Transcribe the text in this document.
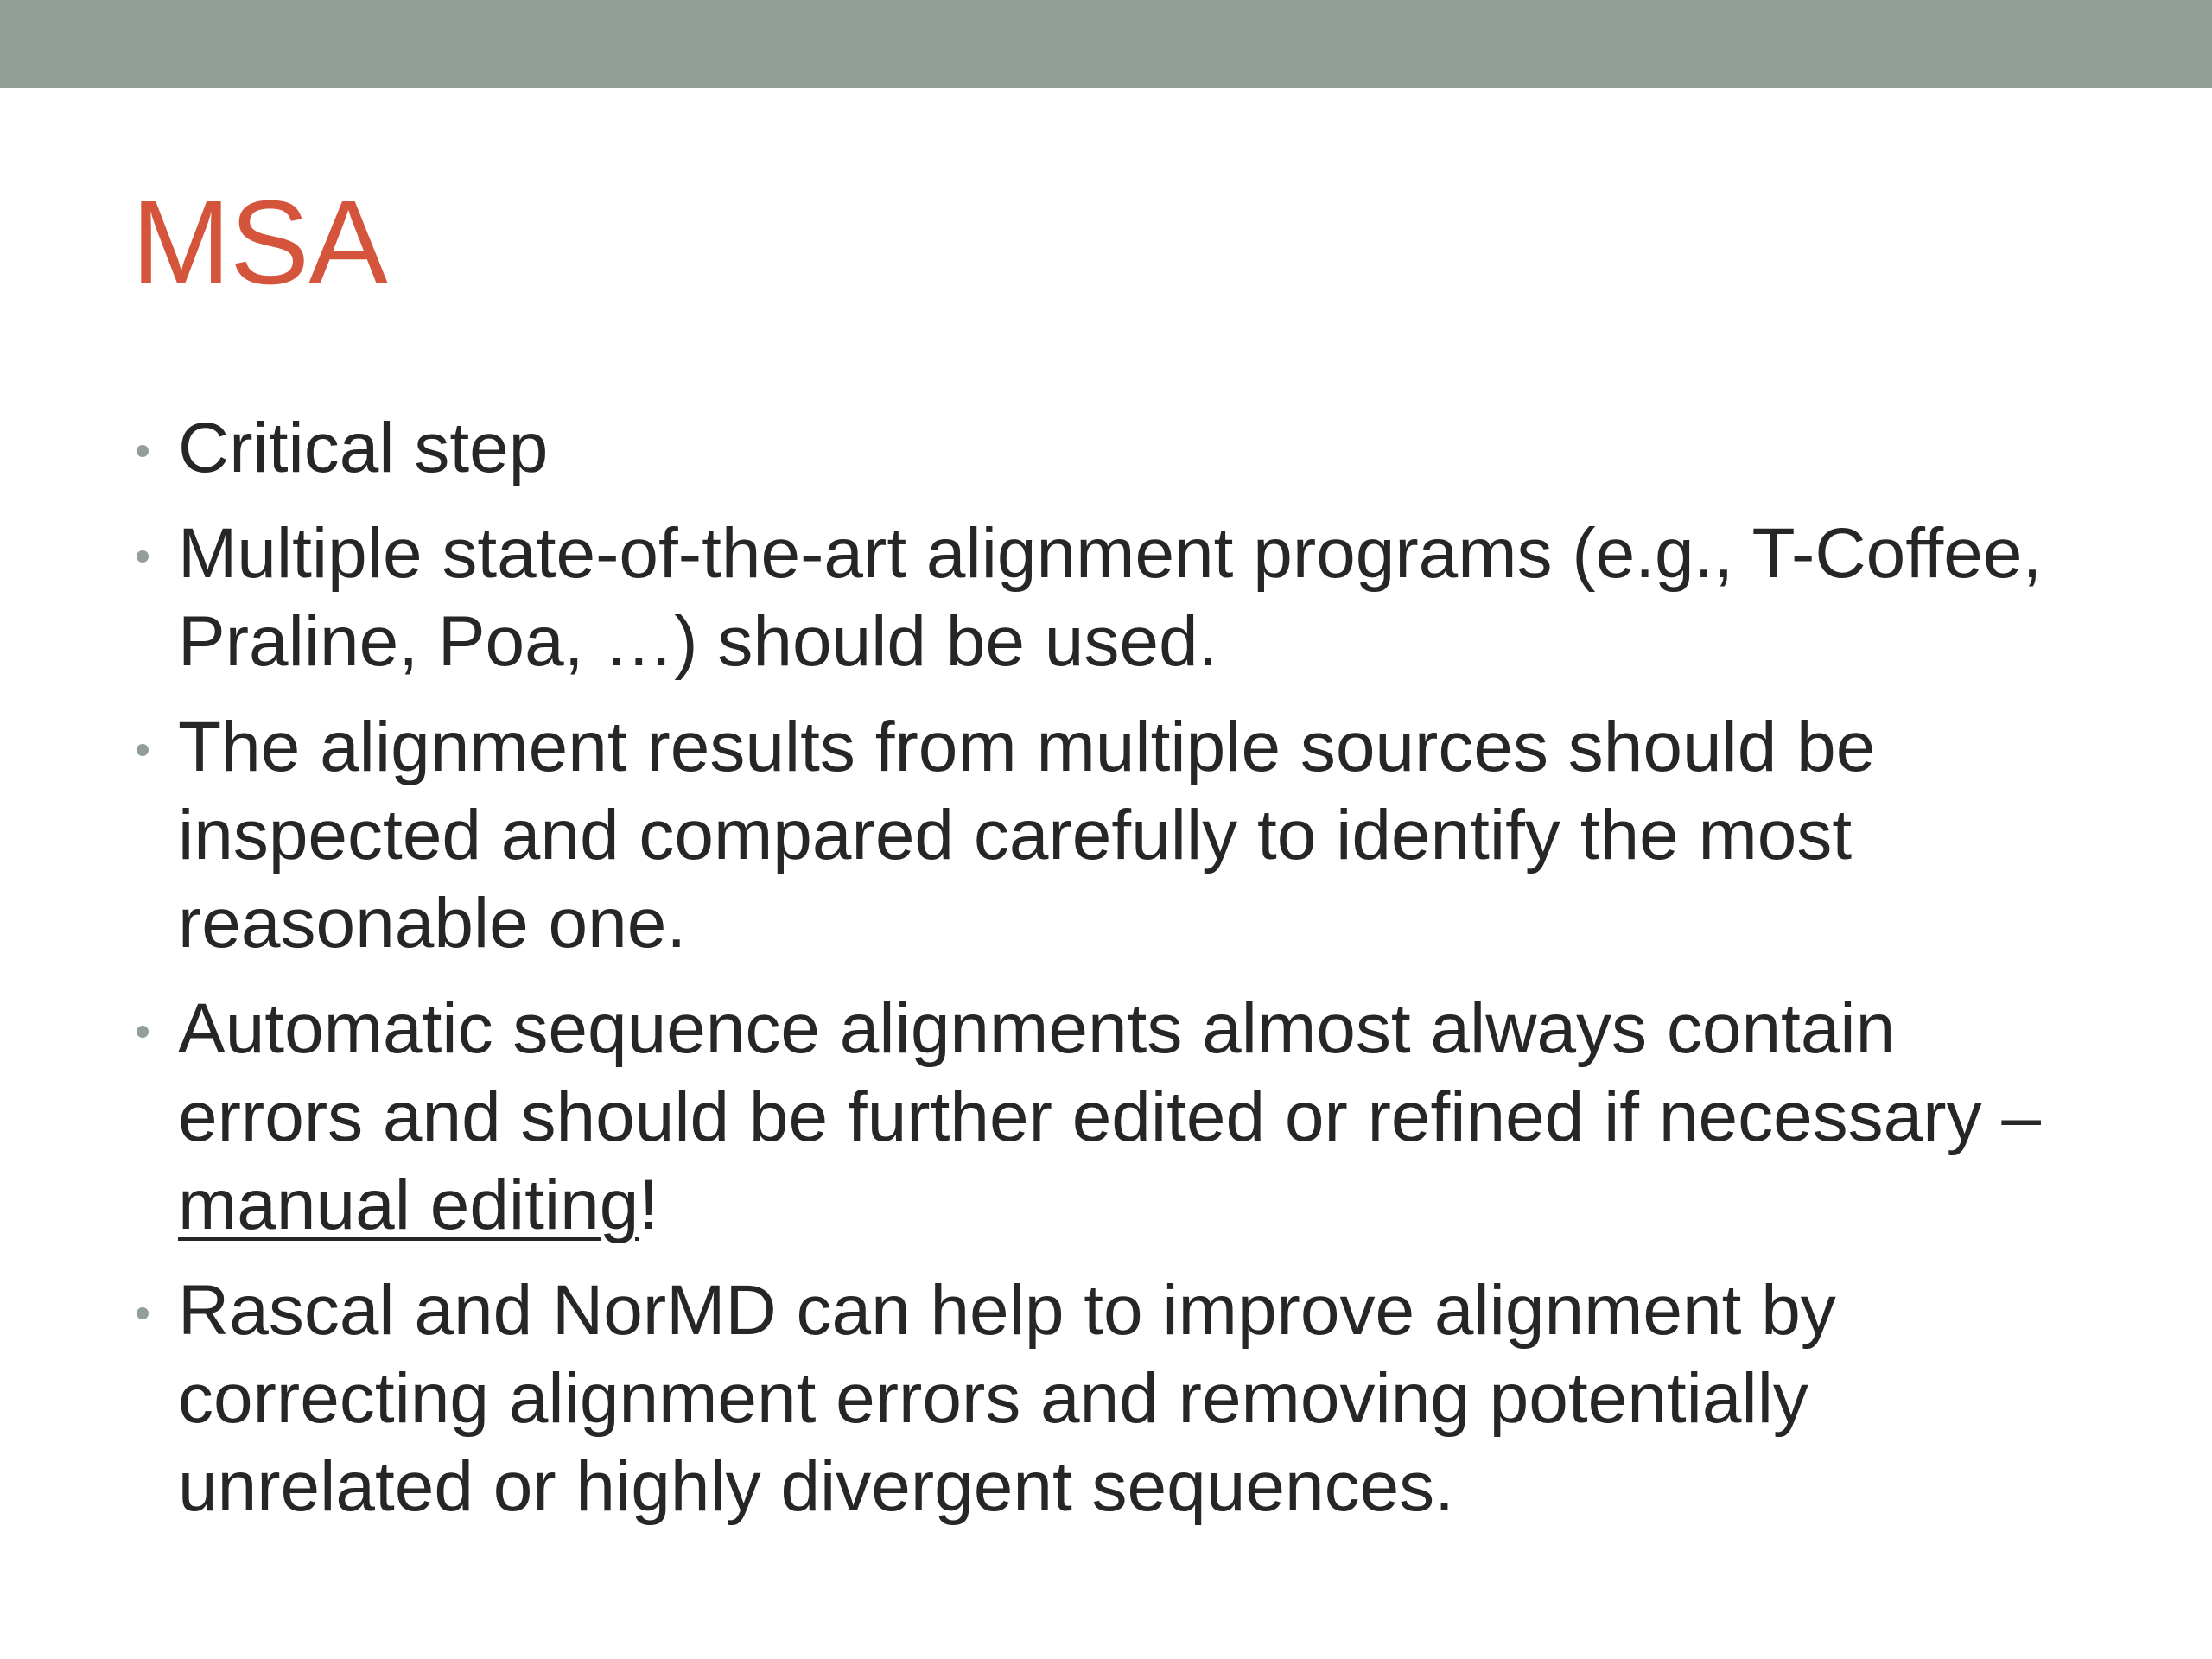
MSA
Critical step
Multiple state-of-the-art alignment programs (e.g., T-Coffee, Praline, Poa, …) should be used.
The alignment results from multiple sources should be inspected and compared carefully to identify the most reasonable one.
Automatic sequence alignments almost always contain errors and should be further edited or refined if necessary – manual editing!
Rascal and NorMD can help to improve alignment by correcting alignment errors and removing potentially unrelated or highly divergent sequences.
